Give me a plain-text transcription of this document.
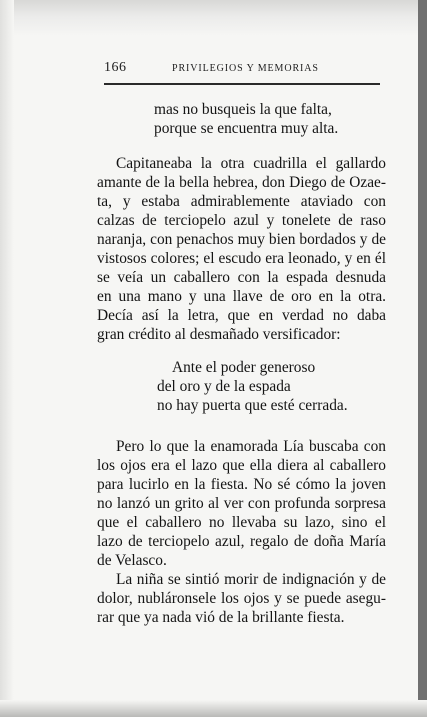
166	PRIVILEGIOS Y MEMORIAS
mas no busqueis la que falta,
porque se encuentra muy alta.
Capitaneaba la otra cuadrilla el gallardo
amante de la bella hebrea, don Diego de Ozae-
ta, y estaba admirablemente ataviado con
calzas de terciopelo azul y tonelete de raso
naranja, con penachos muy bien bordados y de
vistosos colores; el escudo era leonado, y en él
se veía un caballero con la espada desnuda
en una mano y una llave de oro en la otra.
Decía así la letra, que en verdad no daba
gran crédito al desmañado versificador:
Ante el poder generoso
del oro y de la espada
no hay puerta que esté cerrada.
Pero lo que la enamorada Lía buscaba con
los ojos era el lazo que ella diera al caballero
para lucirlo en la fiesta. No sé cómo la joven
no lanzó un grito al ver con profunda sorpresa
que el caballero no llevaba su lazo, sino el
lazo de terciopelo azul, regalo de doña María
de Velasco.
La niña se sintió morir de indignación y de
dolor, nubláronsele los ojos y se puede asegu-
rar que ya nada vió de la brillante fiesta.
